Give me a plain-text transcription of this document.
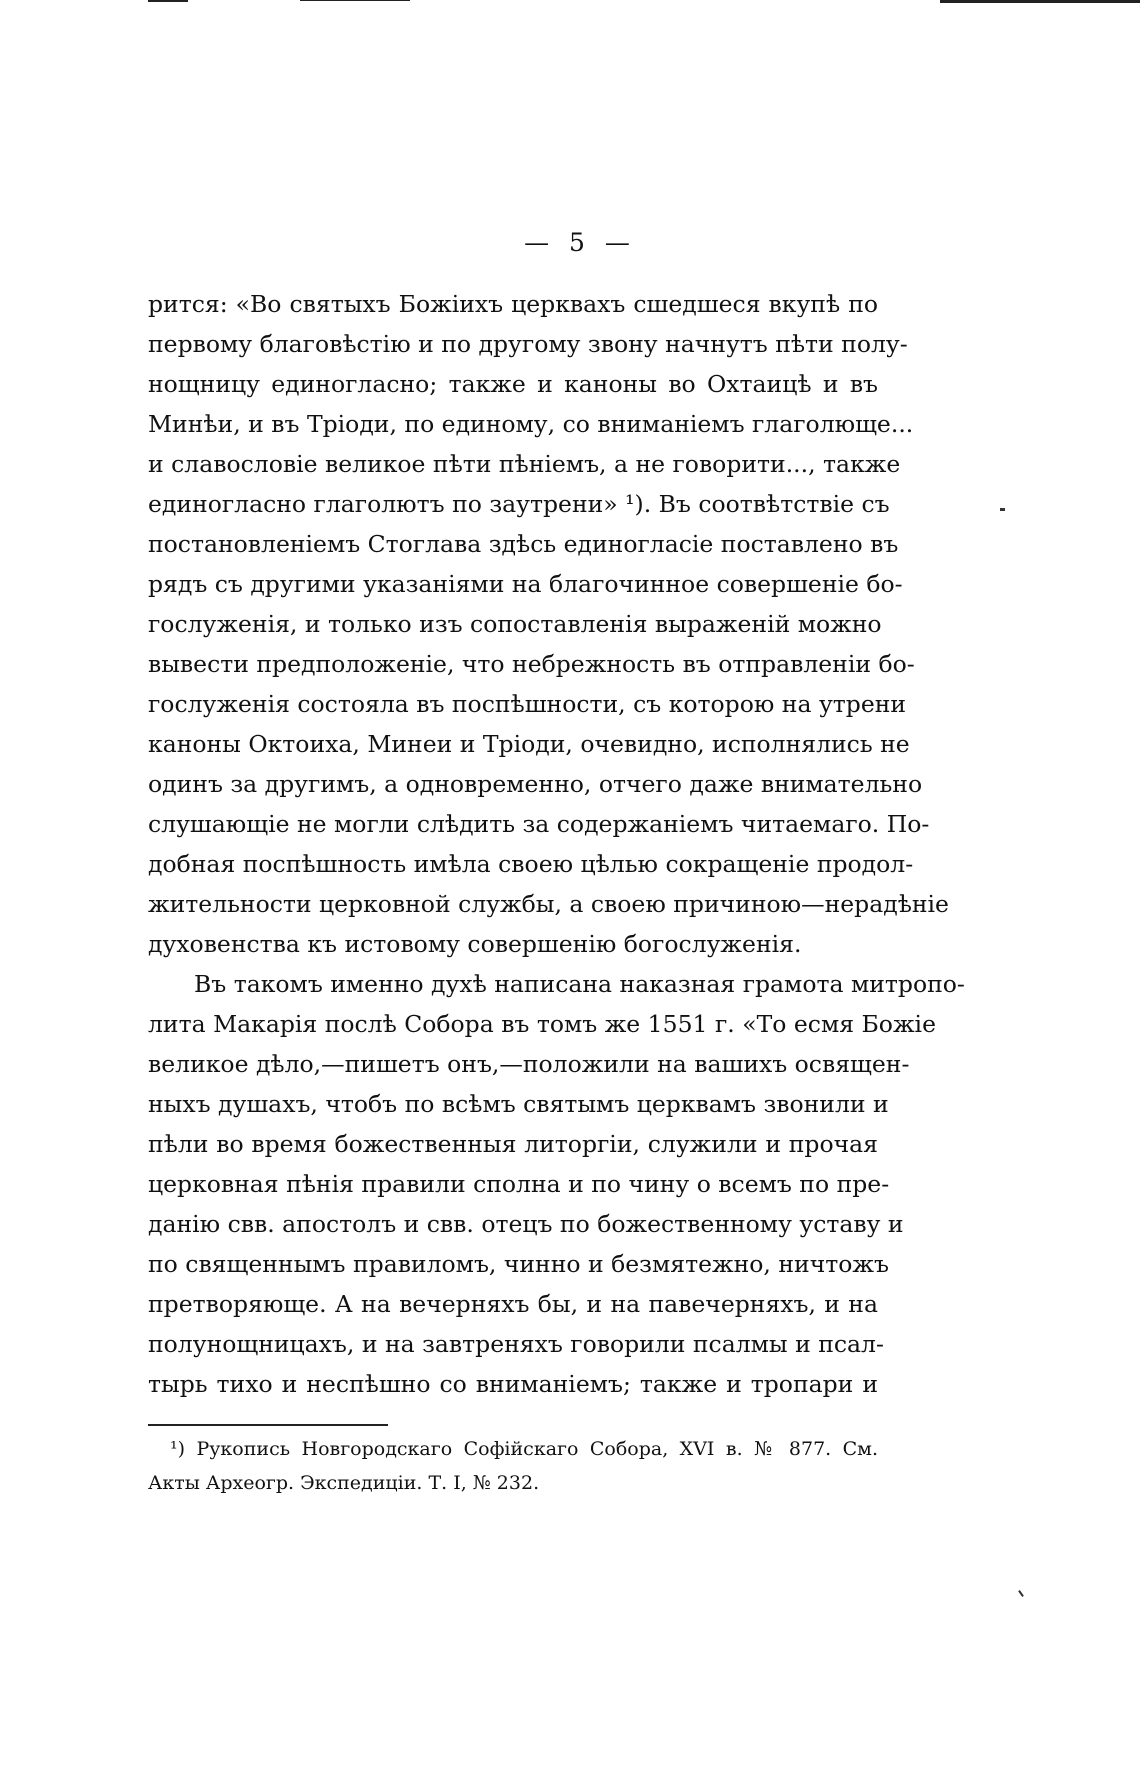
— 5 —
рится: «Во святыхъ Божіихъ церквахъ сшедшеся вкупѣ по
первому благовѣстію и по другому звону начнутъ пѣти полу-
нощницу единогласно; также и каноны во Охтаицѣ и въ
Минѣи, и въ Тріоди, по единому, со вниманіемъ глаголюще...
и славословіе великое пѣти пѣніемъ, а не говорити..., также
единогласно глаголютъ по заутрени» ¹). Въ соотвѣтствіе съ
постановленіемъ Стоглава здѣсь единогласіе поставлено въ
рядъ съ другими указаніями на благочинное совершеніе бо-
гослуженія, и только изъ сопоставленія выраженій можно
вывести предположеніе, что небрежность въ отправленіи бо-
гослуженія состояла въ поспѣшности, съ которою на утрени
каноны Октоиха, Минеи и Тріоди, очевидно, исполнялись не
одинъ за другимъ, а одновременно, отчего даже внимательно
слушающіе не могли слѣдить за содержаніемъ читаемаго. По-
добная поспѣшность имѣла своею цѣлью сокращеніе продол-
жительности церковной службы, а своею причиною—нерадѣніе
духовенства къ истовому совершенію богослуженія.
Въ такомъ именно духѣ написана наказная грамота митропо-
лита Макарія послѣ Собора въ томъ же 1551 г. «То есмя Божіе
великое дѣло,—пишетъ онъ,—положили на вашихъ освящен-
ныхъ душахъ, чтобъ по всѣмъ святымъ церквамъ звонили и
пѣли во время божественныя литоргіи, служили и прочая
церковная пѣнія правили сполна и по чину о всемъ по пре-
данію свв. апостолъ и свв. отецъ по божественному уставу и
по священнымъ правиломъ, чинно и безмятежно, ничтожъ
претворяюще. А на вечерняхъ бы, и на павечерняхъ, и на
полунощницахъ, и на завтреняхъ говорили псалмы и псал-
тырь тихо и неспѣшно со вниманіемъ; также и тропари и
¹) Рукопись Новгородскаго Софійскаго Собора, XVI в. № 877. См.
Акты Археогр. Экспедиціи. Т. I, № 232.
